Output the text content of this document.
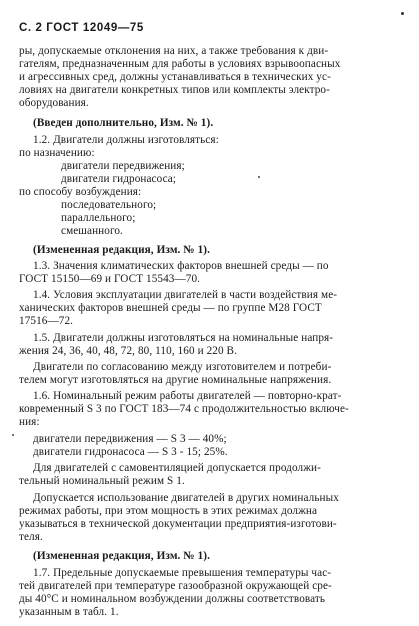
С. 2 ГОСТ 12049—75
ры, допускаемые отклонения на них, а также требования к дви-
гателям, предназначенным для работы в условиях взрывоопасных
и агрессивных сред, должны устанавливаться в технических ус-
ловиях на двигатели конкретных типов или комплекты электро-
оборудования.
(Введен дополнительно, Изм. № 1).
1.2. Двигатели должны изготовляться:
по назначению:
двигатели передвижения;
двигатели гидронасоса;
по способу возбуждения:
последовательного;
параллельного;
смешанного.
(Измененная редакция, Изм. № 1).
1.3. Значения климатических факторов внешней среды — по
ГОСТ 15150—69 и ГОСТ 15543—70.
1.4. Условия эксплуатации двигателей в части воздействия ме-
ханических факторов внешней среды — по группе М28 ГОСТ
17516—72.
1.5. Двигатели должны изготовляться на номинальные напря-
жения 24, 36, 40, 48, 72, 80, 110, 160 и 220 В.
Двигатели по согласованию между изготовителем и потреби-
телем могут изготовляться на другие номинальные напряжения.
1.6. Номинальный режим работы двигателей — повторно-крат-
ковременный S 3 по ГОСТ 183—74 с продолжительностью включе-
ния:
двигатели передвижения — S 3 — 40%;
двигатели гидронасоса — S 3 - 15; 25%.
Для двигателей с самовентиляцией допускается продолжи-
тельный номинальный режим S 1.
Допускается использование двигателей в других номинальных
режимах работы, при этом мощность в этих режимах должна
указываться в технической документации предприятия-изготови-
теля.
(Измененная редакция, Изм. № 1).
1.7. Предельные допускаемые превышения температуры час-
тей двигателей при температуре газообразной окружающей сре-
ды 40°С и номинальном возбуждении должны соответствовать
указанным в табл. 1.
